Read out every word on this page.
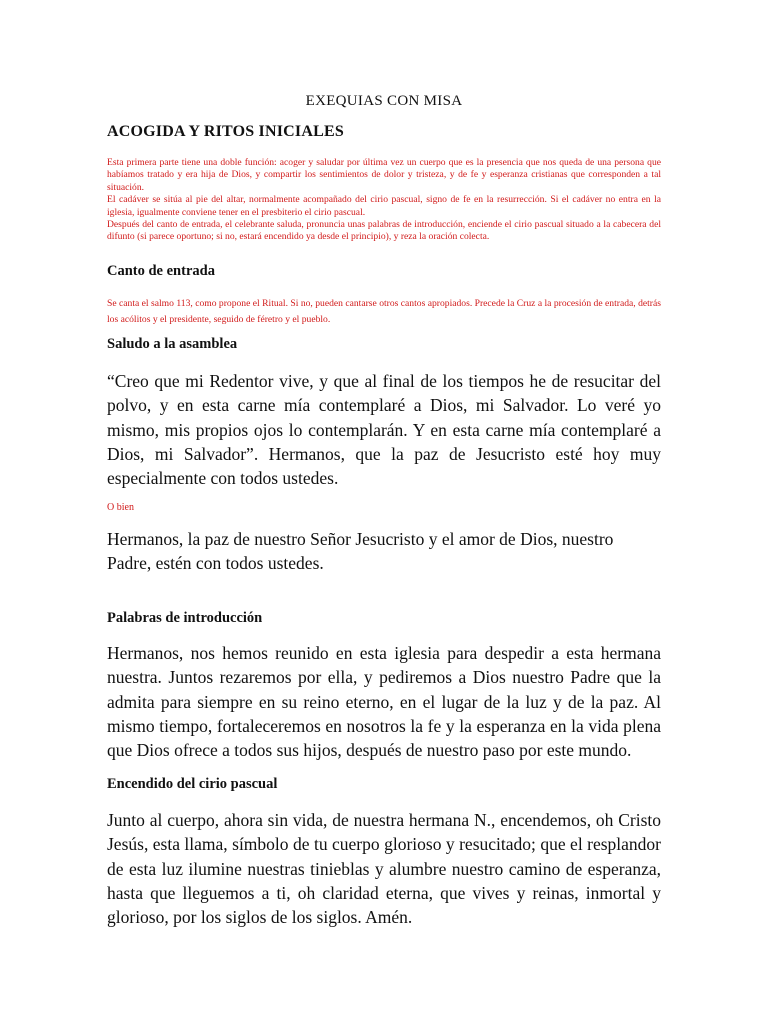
EXEQUIAS CON MISA
ACOGIDA Y RITOS INICIALES

Esta primera parte tiene una doble función: acoger y saludar por última vez un cuerpo que es la presencia que nos queda de una persona que habíamos tratado y era hija de Dios, y compartir los sentimientos de dolor y tristeza, y de fe y esperanza cristianas que corresponden a tal situación.

El cadáver se sitúa al pie del altar, normalmente acompañado del cirio pascual, signo de fe en la resurrección. Si el cadáver no entra en la iglesia, igualmente conviene tener en el presbiterio el cirio pascual.

Después del canto de entrada, el celebrante saluda, pronuncia unas palabras de introducción, enciende el cirio pascual situado a la cabecera del difunto (si parece oportuno; si no, estará encendido ya desde el principio), y reza la oración colecta.

Canto de entrada
Se canta el salmo 113, como propone el Ritual. Si no, pueden cantarse otros cantos apropiados. Precede la Cruz a la procesión de entrada, detrás los acólitos y el presidente, seguido de féretro y el pueblo.
Saludo a la asamblea
“Creo que mi Redentor vive, y que al final de los tiempos he de resucitar del polvo, y en esta carne mía contemplaré a Dios, mi Salvador. Lo veré yo mismo, mis propios ojos lo contemplarán. Y en esta carne mía contemplaré a Dios, mi Salvador”. Hermanos, que la paz de Jesucristo esté hoy muy especialmente con todos ustedes.
O bien
Hermanos, la paz de nuestro Señor Jesucristo y el amor de Dios, nuestro Padre, estén con todos ustedes.
Palabras de introducción
Hermanos, nos hemos reunido en esta iglesia para despedir a esta hermana nuestra. Juntos rezaremos por ella, y pediremos a Dios nuestro Padre que la admita para siempre en su reino eterno, en el lugar de la luz y de la paz. Al mismo tiempo, fortaleceremos en nosotros la fe y la esperanza en la vida plena que Dios ofrece a todos sus hijos, después de nuestro paso por este mundo.
Encendido del cirio pascual
Junto al cuerpo, ahora sin vida, de nuestra hermana N., encendemos, oh Cristo Jesús, esta llama, símbolo de tu cuerpo glorioso y resucitado; que el resplandor de esta luz ilumine nuestras tinieblas y alumbre nuestro camino de esperanza, hasta que lleguemos a ti, oh claridad eterna, que vives y reinas, inmortal y glorioso, por los siglos de los siglos. Amén.
